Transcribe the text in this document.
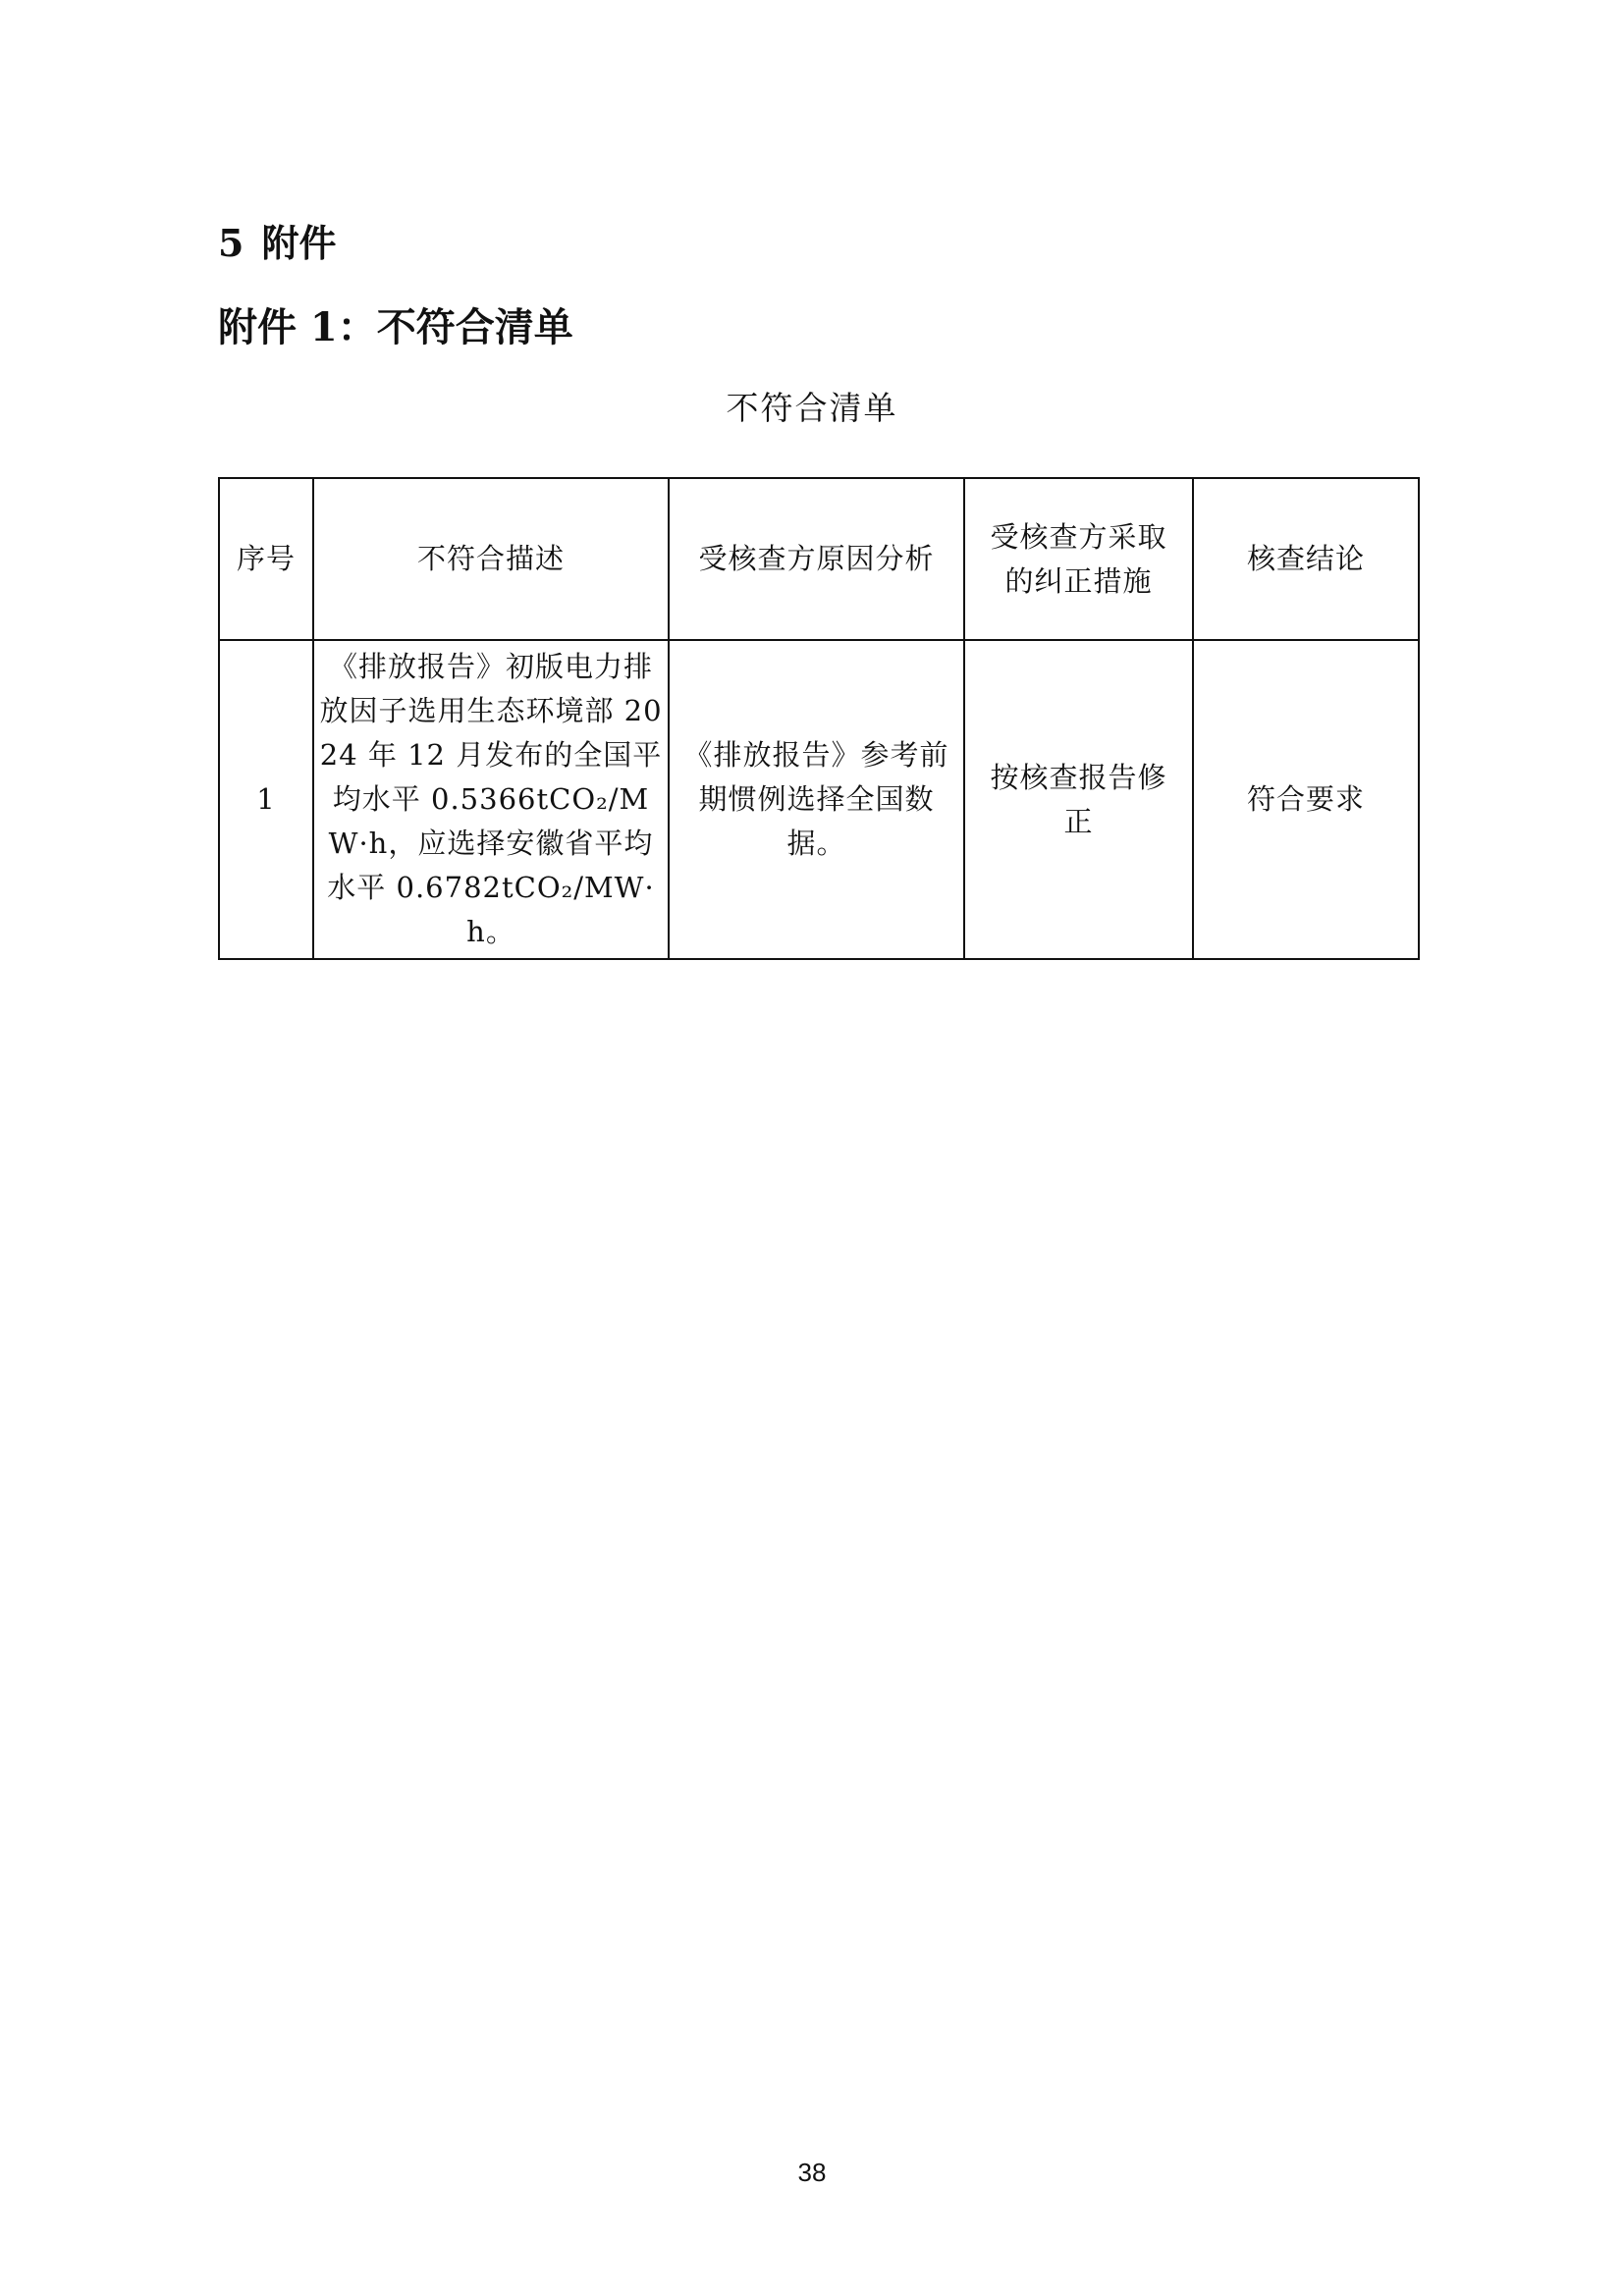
5 附件
附件 1：不符合清单
不符合清单
序号	不符合描述	受核查方原因分析	受核查方采取的纠正措施	核查结论

1	《排放报告》初版电力排放因子选用生态环境部 2024 年 12 月发布的全国平均水平 0.5366tCO₂/MW·h，应选择安徽省平均水平 0.6782tCO₂/MW·h。	《排放报告》参考前期惯例选择全国数据。	按核查报告修正	符合要求
38
